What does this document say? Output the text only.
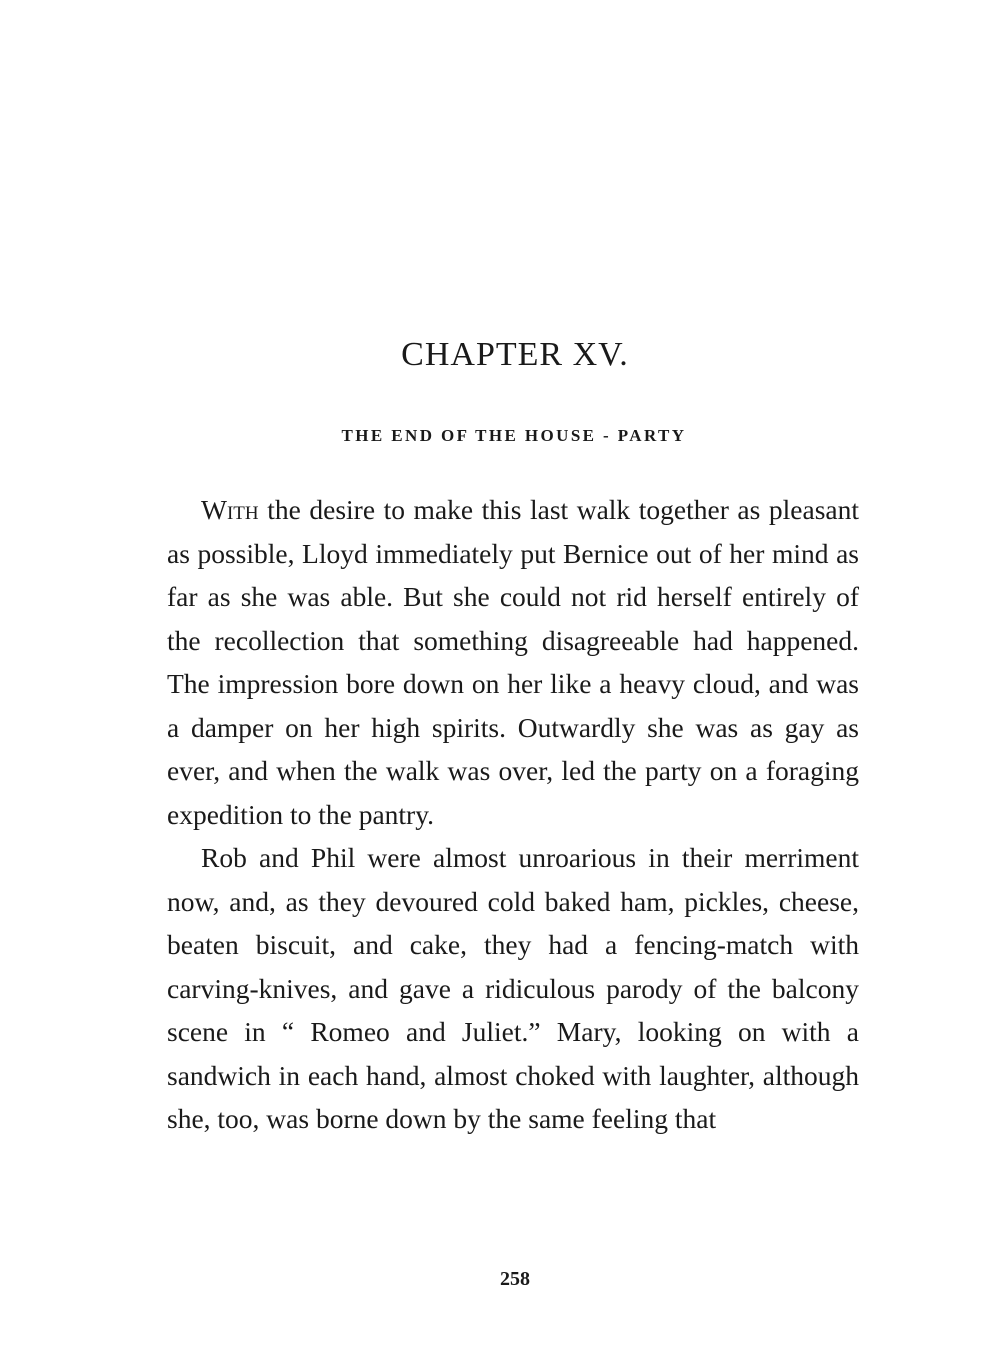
CHAPTER XV.
THE END OF THE HOUSE - PARTY

With the desire to make this last walk together as pleasant as possible, Lloyd immediately put Bernice out of her mind as far as she was able. But she could not rid herself entirely of the recollection that something disagreeable had happened. The impression bore down on her like a heavy cloud, and was a damper on her high spirits. Outwardly she was as gay as ever, and when the walk was over, led the party on a foraging expedition to the pantry.

Rob and Phil were almost unroarious in their merriment now, and, as they devoured cold baked ham, pickles, cheese, beaten biscuit, and cake, they had a fencing-match with carving-knives, and gave a ridiculous parody of the balcony scene in “ Romeo and Juliet.” Mary, looking on with a sandwich in each hand, almost choked with laughter, although she, too, was borne down by the same feeling that

258
